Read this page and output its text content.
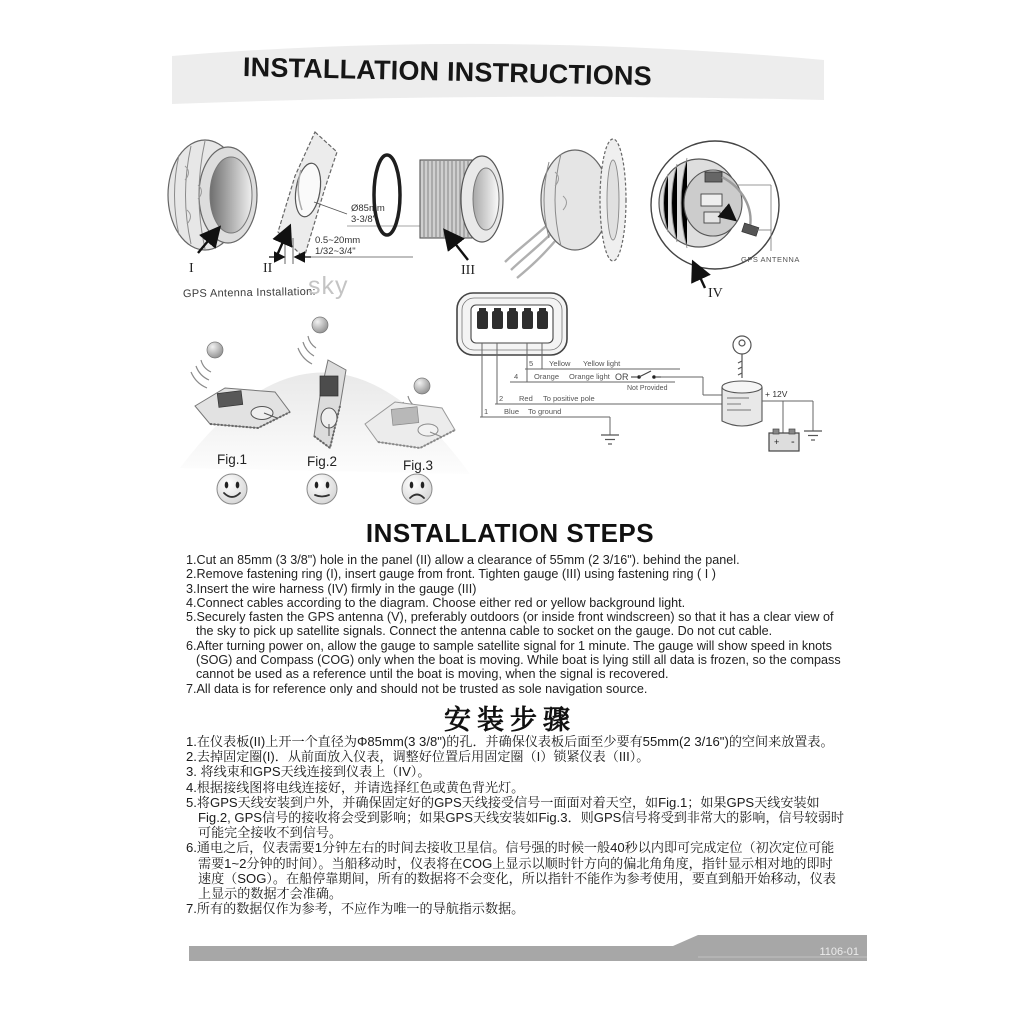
INSTALLATION INSTRUCTIONS
I
Ø85mm
3-3/8"
0.5~20mm
1/32~3/4"
II	III
GPS ANTENNA
IV
GPS Antenna Installation:
sky
Fig.1	Fig.2	Fig.3
5 Yellow Yellow light
4 Orange Orange light
2 Red To positive pole
1 Blue To ground
OR
Not Provided
+ 12V
+ -
INSTALLATION STEPS
1.Cut an 85mm (3 3/8") hole in the panel (II) allow a clearance of 55mm (2 3/16"). behind the panel.
2.Remove fastening ring (I), insert gauge from front. Tighten gauge (III) using fastening ring ( I )
3.Insert the wire harness (IV) firmly in the gauge (III)
4.Connect cables according to the diagram. Choose either red or yellow background light.
5.Securely fasten the GPS antenna (V), preferably outdoors (or inside front windscreen) so that it has a clear view of the sky to pick up satellite signals. Connect the antenna cable to socket on the gauge. Do not cut cable.
6.After turning power on, allow the gauge to sample satellite signal for 1 minute. The gauge will show speed in knots (SOG) and Compass (COG) only when the boat is moving. While boat is lying still all data is frozen, so the compass cannot be used as a reference until the boat is moving, when the signal is recovered.
7.All data is for reference only and should not be trusted as sole navigation source.
安装步骤
1.在仪表板(II)上开一个直径为Φ85mm(3 3/8")的孔．并确保仪表板后面至少要有55mm(2 3/16")的空间来放置表。
2.去掉固定圈(I)．从前面放入仪表，调整好位置后用固定圈（I）锁紧仪表（III）。
3. 将线束和GPS天线连接到仪表上（IV）。
4.根据接线图将电线连接好，并请选择红色或黄色背光灯。
5.将GPS天线安装到户外，并确保固定好的GPS天线接受信号一面面对着天空，如Fig.1；如果GPS天线安装如Fig.2, GPS信号的接收将会受到影响；如果GPS天线安装如Fig.3．则GPS信号将受到非常大的影响，信号较弱时可能完全接收不到信号。
6.通电之后，仪表需要1分钟左右的时间去接收卫星信。信号强的时候一般40秒以内即可完成定位（初次定位可能需要1~2分钟的时间）。当船移动时，仪表将在COG上显示以顺时针方向的偏北角角度，指针显示相对地的即时速度（SOG）。在船停靠期间，所有的数据将不会变化，所以指针不能作为参考使用，要直到船开始移动，仪表上显示的数据才会准确。
7.所有的数据仅作为参考，不应作为唯一的导航指示数据。
1106-01
